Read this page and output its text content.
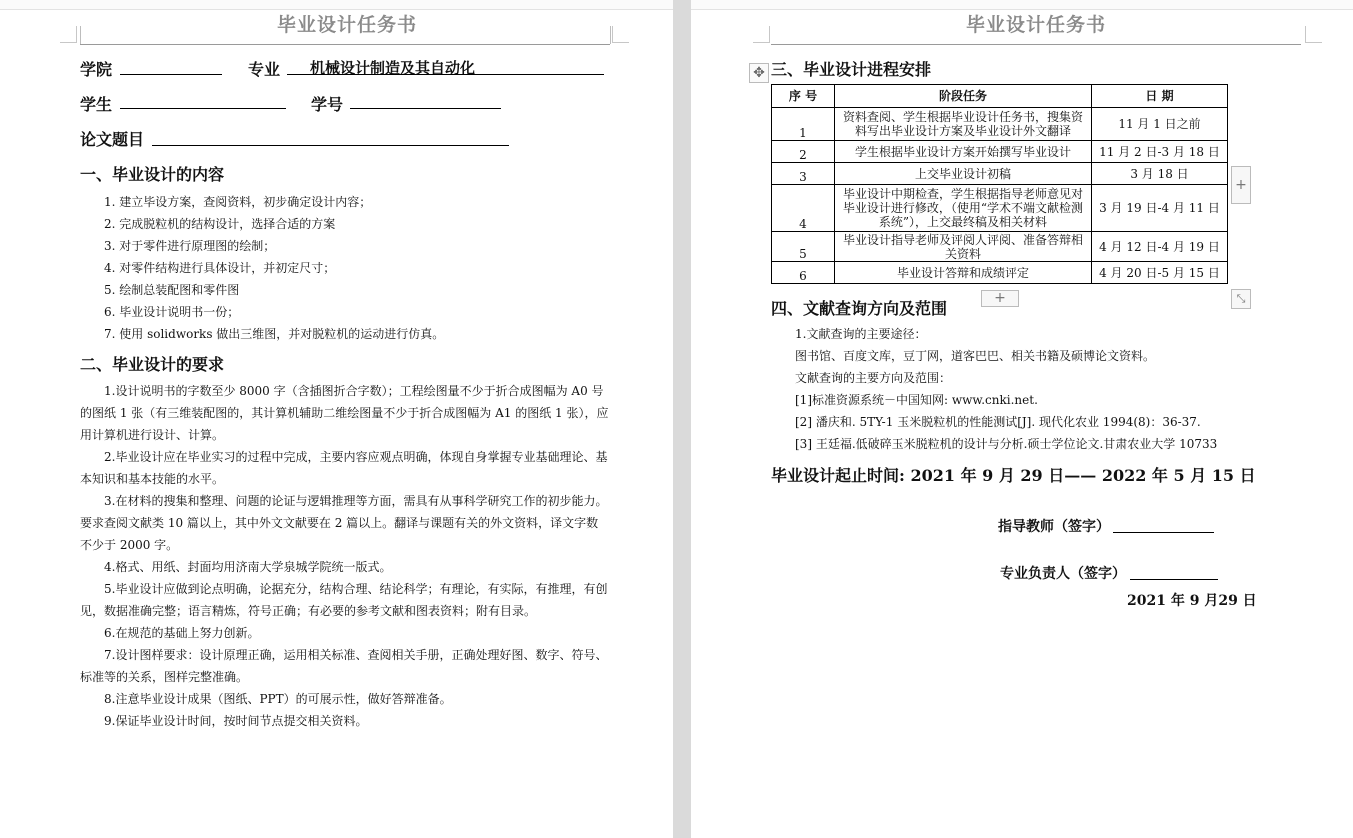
毕业设计任务书
学院	专业 机械设计制造及其自动化
学生	学号
论文题目
一、毕业设计的内容
1. 建立毕设方案，查阅资料，初步确定设计内容；
2. 完成脱粒机的结构设计，选择合适的方案
3. 对于零件进行原理图的绘制；
4. 对零件结构进行具体设计，并初定尺寸；
5. 绘制总装配图和零件图
6. 毕业设计说明书一份；
7. 使用 solidworks 做出三维图，并对脱粒机的运动进行仿真。
二、毕业设计的要求
1.设计说明书的字数至少 8000 字（含插图折合字数）；工程绘图量不少于折合成图幅为 A0 号的图纸 1 张（有三维装配图的，其计算机辅助二维绘图量不少于折合成图幅为 A1 的图纸 1 张），应用计算机进行设计、计算。
2.毕业设计应在毕业实习的过程中完成，主要内容应观点明确，体现自身掌握专业基础理论、基本知识和基本技能的水平。
3.在材料的搜集和整理、问题的论证与逻辑推理等方面，需具有从事科学研究工作的初步能力。要求查阅文献类 10 篇以上，其中外文文献要在 2 篇以上。翻译与课题有关的外文资料，译文字数不少于 2000 字。
4.格式、用纸、封面均用济南大学泉城学院统一版式。
5.毕业设计应做到论点明确，论据充分，结构合理、结论科学；有理论，有实际，有推理，有创见，数据准确完整；语言精炼，符号正确；有必要的参考文献和图表资料；附有目录。
6.在规范的基础上努力创新。
7.设计图样要求：设计原理正确，运用相关标准、查阅相关手册，正确处理好图、数字、符号、标准等的关系，图样完整准确。
8.注意毕业设计成果（图纸、PPT）的可展示性，做好答辩准备。
9.保证毕业设计时间，按时间节点提交相关资料。
毕业设计任务书
✥ 三、毕业设计进程安排
序 号	阶段任务	日 期
1	资料查阅、学生根据毕业设计任务书，搜集资料写出毕业设计方案及毕业设计外文翻译	11 月 1 日之前
2	学生根据毕业设计方案开始撰写毕业设计	11 月 2 日-3 月 18 日
3	上交毕业设计初稿	3 月 18 日
4	毕业设计中期检查，学生根据指导老师意见对毕业设计进行修改，（使用“学术不端文献检测系统”），上交最终稿及相关材料	3 月 19 日-4 月 11 日
5	毕业设计指导老师及评阅人评阅、准备答辩相关资料	4 月 12 日-4 月 19 日
6	毕业设计答辩和成绩评定	4 月 20 日-5 月 15 日
+
+	⤡
四、文献查询方向及范围
1.文献查询的主要途径：
图书馆、百度文库，豆丁网，道客巴巴、相关书籍及硕博论文资料。
文献查询的主要方向及范围：
[1]标准资源系统－中国知网: www.cnki.net.
[2] 潘庆和. 5TY-1 玉米脱粒机的性能测试[J]. 现代化农业 1994(8)：36-37.
[3] 王廷福.低破碎玉米脱粒机的设计与分析.硕士学位论文.甘肃农业大学 10733
毕业设计起止时间: 2021 年 9 月 29 日—— 2022 年 5 月 15 日
指导教师（签字）
专业负责人（签字）
2021 年 9 月29 日
